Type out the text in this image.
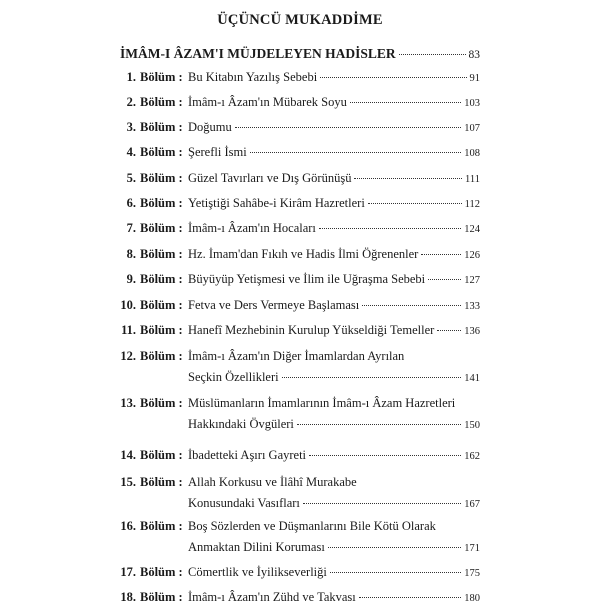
ÜÇÜNCÜ MUKADDİME
İMÂM-I ÂZAM'I MÜJDELEYEN HADİSLER	83
1. Bölüm : Bu Kitabın Yazılış Sebebi	91
2. Bölüm : İmâm-ı Âzam'ın Mübarek Soyu	103
3. Bölüm : Doğumu	107
4. Bölüm : Şerefli İsmi	108
5. Bölüm : Güzel Tavırları ve Dış Görünüşü	111
6. Bölüm : Yetiştiği Sahâbe-i Kirâm Hazretleri	112
7. Bölüm : İmâm-ı Âzam'ın Hocaları	124
8. Bölüm : Hz. İmam'dan Fıkıh ve Hadis İlmi Öğrenenler	126
9. Bölüm : Büyüyüp Yetişmesi ve İlim ile Uğraşma Sebebi	127
10. Bölüm : Fetva ve Ders Vermeye Başlaması	133
11. Bölüm : Hanefî Mezhebinin Kurulup Yükseldiği Temeller	136
12. Bölüm : İmâm-ı Âzam'ın Diğer İmamlardan Ayrılan
Seçkin Özellikleri	141
13. Bölüm : Müslümanların İmamlarının İmâm-ı Âzam Hazretleri
Hakkındaki Övgüleri	150
14. Bölüm : İbadetteki Aşırı Gayreti	162
15. Bölüm : Allah Korkusu ve İlâhî Murakabe
Konusundaki Vasıfları	167
16. Bölüm : Boş Sözlerden ve Düşmanlarını Bile Kötü Olarak
Anmaktan Dilini Koruması	171
17. Bölüm : Cömertlik ve İyilikseverliği	175
18. Bölüm : İmâm-ı Âzam'ın Zühd ve Takvası	180
